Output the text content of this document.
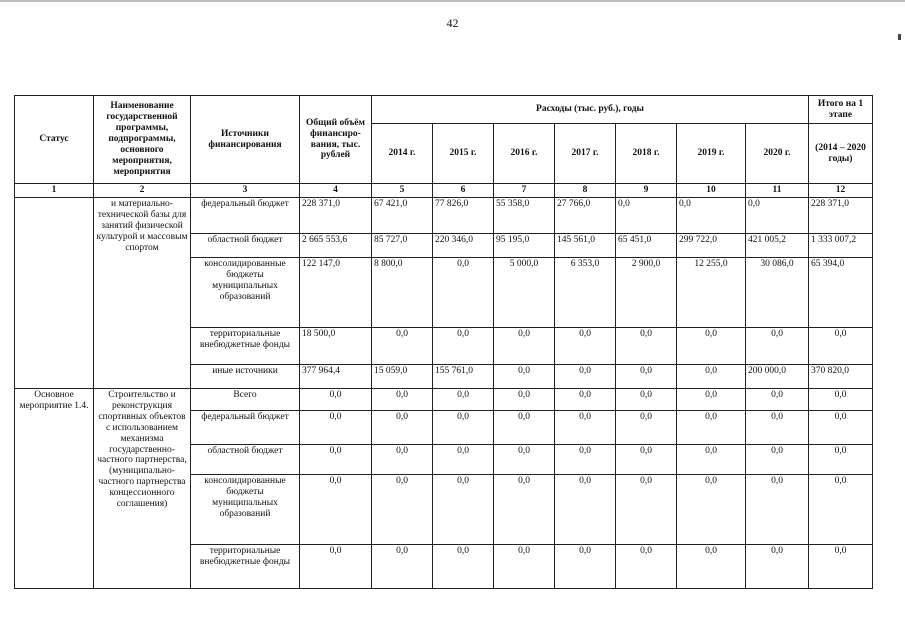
42
Статус	Наименование государственной программы, подпрограммы, основного мероприятия, мероприятия	Источники финансирования	Общий объём финансиро-вания, тыс. рублей	Расходы (тыс. руб.), годы							Итого на 1 этапе
				2014 г.	2015 г.	2016 г.	2017 г.	2018 г.	2019 г.	2020 г.	(2014 – 2020 годы)
1	2	3	4	5	6	7	8	9	10	11	12
	и материально-технической базы для занятий физической культурой и массовым спортом	федеральный бюджет	228 371,0	67 421,0	77 826,0	55 358,0	27 766,0	0,0	0,0	0,0	228 371,0
		областной бюджет	2 665 553,6	85 727,0	220 346,0	95 195,0	145 561,0	65 451,0	299 722,0	421 005,2	1 333 007,2
		консолидированные бюджеты муниципальных образований	122 147,0	8 800,0	0,0	5 000,0	6 353,0	2 900,0	12 255,0	30 086,0	65 394,0
		территориальные внебюджетные фонды	18 500,0	0,0	0,0	0,0	0,0	0,0	0,0	0,0	0,0
		иные источники	377 964,4	15 059,0	155 761,0	0,0	0,0	0,0	0,0	200 000,0	370 820,0
Основное мероприятие 1.4.	Строительство и реконструкция спортивных объектов с использованием механизма государственно-частного партнерства, (муниципально-частного партнерства концессионного соглашения)	Всего	0,0	0,0	0,0	0,0	0,0	0,0	0,0	0,0	0,0
		федеральный бюджет	0,0	0,0	0,0	0,0	0,0	0,0	0,0	0,0	0,0
		областной бюджет	0,0	0,0	0,0	0,0	0,0	0,0	0,0	0,0	0,0
		консолидированные бюджеты муниципальных образований	0,0	0,0	0,0	0,0	0,0	0,0	0,0	0,0	0,0
		территориальные внебюджетные фонды	0,0	0,0	0,0	0,0	0,0	0,0	0,0	0,0	0,0
